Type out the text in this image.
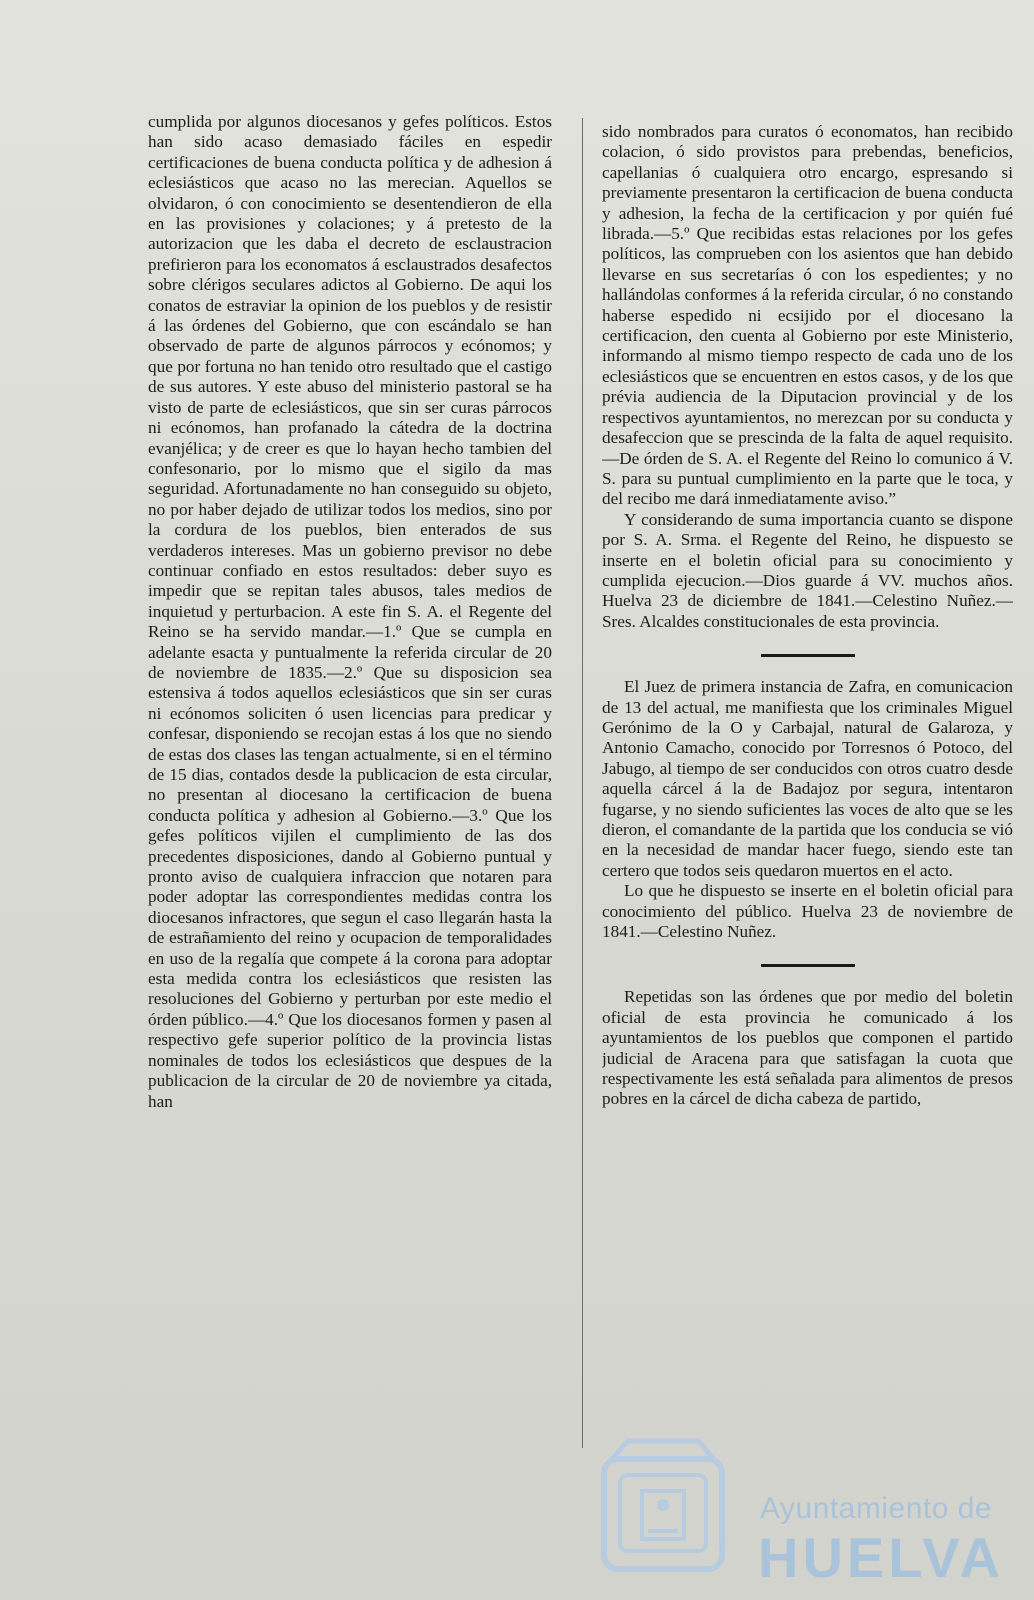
cumplida por algunos diocesanos y gefes políticos. Estos han sido acaso demasiado fáciles en espedir certificaciones de buena conducta política y de adhesion á eclesiásticos que acaso no las merecian. Aquellos se olvidaron, ó con conocimiento se desentendieron de ella en las provisiones y colaciones; y á pretesto de la autorizacion que les daba el decreto de esclaustracion prefirieron para los economatos á esclaustrados desafectos sobre clérigos seculares adictos al Gobierno. De aqui los conatos de estraviar la opinion de los pueblos y de resistir á las órdenes del Gobierno, que con escándalo se han observado de parte de algunos párrocos y ecónomos; y que por fortuna no han tenido otro resultado que el castigo de sus autores. Y este abuso del ministerio pastoral se ha visto de parte de eclesiásticos, que sin ser curas párrocos ni ecónomos, han profanado la cátedra de la doctrina evanjélica; y de creer es que lo hayan hecho tambien del confesonario, por lo mismo que el sigilo da mas seguridad. Afortunadamente no han conseguido su objeto, no por haber dejado de utilizar todos los medios, sino por la cordura de los pueblos, bien enterados de sus verdaderos intereses. Mas un gobierno previsor no debe continuar confiado en estos resultados: deber suyo es impedir que se repitan tales abusos, tales medios de inquietud y perturbacion. A este fin S. A. el Regente del Reino se ha servido mandar.—1.º Que se cumpla en adelante esacta y puntualmente la referida circular de 20 de noviembre de 1835.—2.º Que su disposicion sea estensiva á todos aquellos eclesiásticos que sin ser curas ni ecónomos soliciten ó usen licencias para predicar y confesar, disponiendo se recojan estas á los que no siendo de estas dos clases las tengan actualmente, si en el término de 15 dias, contados desde la publicacion de esta circular, no presentan al diocesano la certificacion de buena conducta política y adhesion al Gobierno.—3.º Que los gefes políticos vijilen el cumplimiento de las dos precedentes disposiciones, dando al Gobierno puntual y pronto aviso de cualquiera infraccion que notaren para poder adoptar las correspondientes medidas contra los diocesanos infractores, que segun el caso llegarán hasta la de estrañamiento del reino y ocupacion de temporalidades en uso de la regalía que compete á la corona para adoptar esta medida contra los eclesiásticos que resisten las resoluciones del Gobierno y perturban por este medio el órden público.—4.º Que los diocesanos formen y pasen al respectivo gefe superior político de la provincia listas nominales de todos los eclesiásticos que despues de la publicacion de la circular de 20 de noviembre ya citada, han

sido nombrados para curatos ó economatos, han recibido colacion, ó sido provistos para prebendas, beneficios, capellanias ó cualquiera otro encargo, espresando si previamente presentaron la certificacion de buena conducta y adhesion, la fecha de la certificacion y por quién fué librada.—5.º Que recibidas estas relaciones por los gefes políticos, las comprueben con los asientos que han debido llevarse en sus secretarías ó con los espedientes; y no hallándolas conformes á la referida circular, ó no constando haberse espedido ni ecsijido por el diocesano la certificacion, den cuenta al Gobierno por este Ministerio, informando al mismo tiempo respecto de cada uno de los eclesiásticos que se encuentren en estos casos, y de los que prévia audiencia de la Diputacion provincial y de los respectivos ayuntamientos, no merezcan por su conducta y desafeccion que se prescinda de la falta de aquel requisito.—De órden de S. A. el Regente del Reino lo comunico á V. S. para su puntual cumplimiento en la parte que le toca, y del recibo me dará inmediatamente aviso.”

Y considerando de suma importancia cuanto se dispone por S. A. Srma. el Regente del Reino, he dispuesto se inserte en el boletin oficial para su conocimiento y cumplida ejecucion.—Dios guarde á VV. muchos años. Huelva 23 de diciembre de 1841.—Celestino Nuñez.—Sres. Alcaldes constitucionales de esta provincia.

El Juez de primera instancia de Zafra, en comunicacion de 13 del actual, me manifiesta que los criminales Miguel Gerónimo de la O y Carbajal, natural de Galaroza, y Antonio Camacho, conocido por Torresnos ó Potoco, del Jabugo, al tiempo de ser conducidos con otros cuatro desde aquella cárcel á la de Badajoz por segura, intentaron fugarse, y no siendo suficientes las voces de alto que se les dieron, el comandante de la partida que los conducia se vió en la necesidad de mandar hacer fuego, siendo este tan certero que todos seis quedaron muertos en el acto.

Lo que he dispuesto se inserte en el boletin oficial para conocimiento del público. Huelva 23 de noviembre de 1841.—Celestino Nuñez.

Repetidas son las órdenes que por medio del boletin oficial de esta provincia he comunicado á los ayuntamientos de los pueblos que componen el partido judicial de Aracena para que satisfagan la cuota que respectivamente les está señalada para alimentos de presos pobres en la cárcel de dicha cabeza de partido,

Ayuntamiento de
HUELVA
